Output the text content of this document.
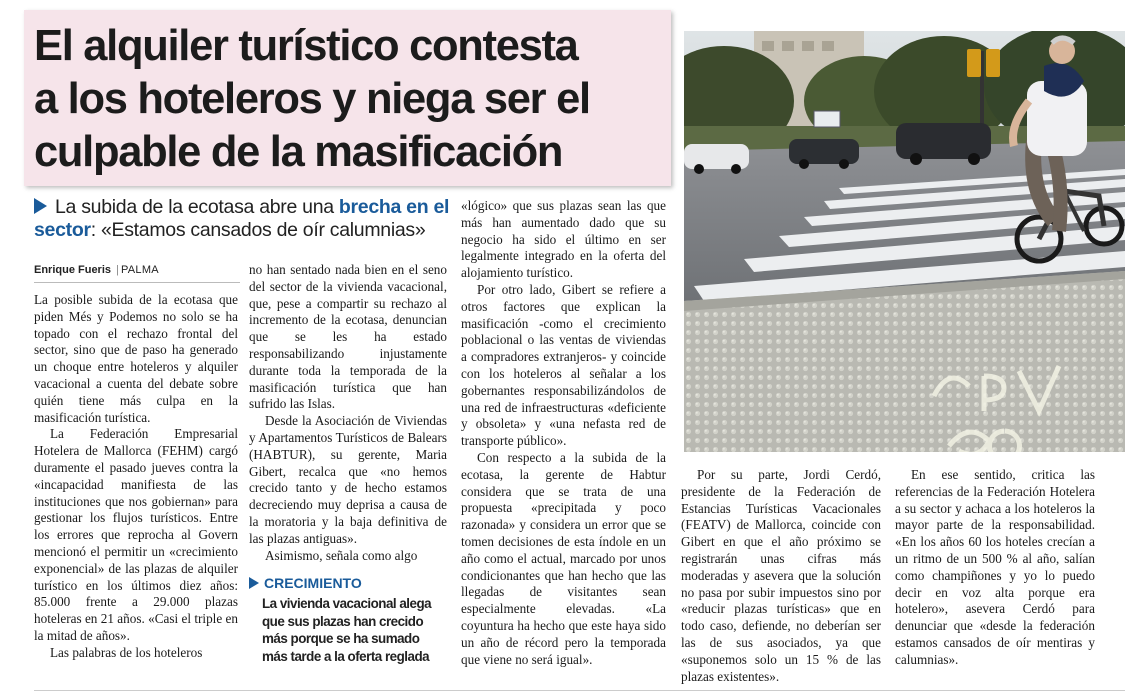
El alquiler turístico contesta
a los hoteleros y niega ser el
culpable de la masificación
La subida de la ecotasa abre una brecha en el sector: «Estamos cansados de oír calumnias»
Enrique Fueris | PALMA

La posible subida de la ecotasa que piden Més y Podemos no solo se ha topado con el rechazo frontal del sector, sino que de paso ha generado un choque entre hoteleros y alquiler vacacional a cuenta del debate sobre quién tiene más culpa en la masificación turística.

La Federación Empresarial Hotelera de Mallorca (FEHM) cargó duramente el pasado jueves contra la «incapacidad manifiesta de las instituciones que nos gobiernan» para gestionar los flujos turísticos. Entre los errores que reprocha al Govern mencionó el permitir un «crecimiento exponencial» de las plazas de alquiler turístico en los últimos diez años: 85.000 frente a 29.000 plazas hoteleras en 21 años. «Casi el triple en la mitad de años».

Las palabras de los hoteleros

no han sentado nada bien en el seno del sector de la vivienda vacacional, que, pese a compartir su rechazo al incremento de la ecotasa, denuncian que se les ha estado responsabilizando injustamente durante toda la temporada de la masificación turística que han sufrido las Islas.

Desde la Asociación de Viviendas y Apartamentos Turísticos de Balears (HABTUR), su gerente, Maria Gibert, recalca que «no hemos crecido tanto y de hecho estamos decreciendo muy deprisa a causa de la moratoria y la baja definitiva de las plazas antiguas».

Asimismo, señala como algo

CRECIMIENTO
La vivienda vacacional alega
que sus plazas han crecido
más porque se ha sumado
más tarde a la oferta reglada

«lógico» que sus plazas sean las que más han aumentado dado que su negocio ha sido el último en ser legalmente integrado en la oferta del alojamiento turístico.

Por otro lado, Gibert se refiere a otros factores que explican la masificación -como el crecimiento poblacional o las ventas de viviendas a compradores extranjeros- y coincide con los hoteleros al señalar a los gobernantes responsabilizándolos de una red de infraestructuras «deficiente y obsoleta» y «una nefasta red de transporte público».

Con respecto a la subida de la ecotasa, la gerente de Habtur considera que se trata de una propuesta «precipitada y poco razonada» y considera un error que se tomen decisiones de esta índole en un año como el actual, marcado por unos condicionantes que han hecho que las llegadas de visitantes sean especialmente elevadas. «La coyuntura ha hecho que este haya sido un año de récord pero la temporada que viene no será igual».

Por su parte, Jordi Cerdó, presidente de la Federación de Estancias Turísticas Vacacionales (FEATV) de Mallorca, coincide con Gibert en que el año próximo se registrarán unas cifras más moderadas y asevera que la solución no pasa por subir impuestos sino por «reducir plazas turísticas» que en todo caso, defiende, no deberían ser las de sus asociados, ya que «suponemos solo un 15 % de las plazas existentes».

En ese sentido, critica las referencias de la Federación Hotelera a su sector y achaca a los hoteleros la mayor parte de la responsabilidad. «En los años 60 los hoteles crecían a un ritmo de un 500 % al año, salían como champiñones y yo lo puedo decir en voz alta porque era hotelero», asevera Cerdó para denunciar que «desde la federación estamos cansados de oír mentiras y calumnias».
